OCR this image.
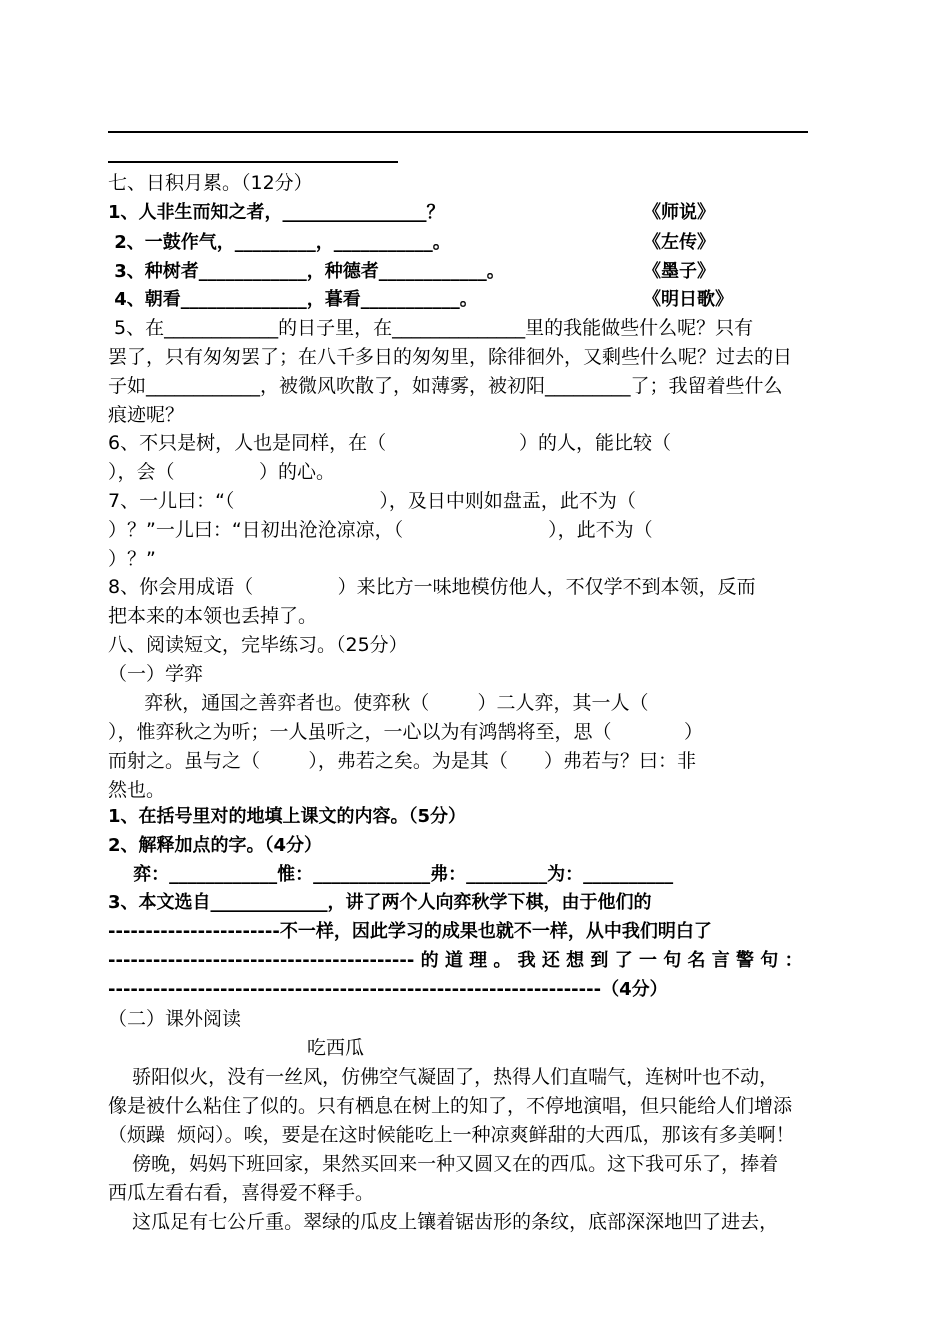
七、日积月累。（12分）
1、人非生而知之者，________________？	《师说》
2、一鼓作气，_________，___________。	《左传》
3、种树者____________，种德者____________。	《墨子》
4、朝看______________，暮看___________。	《明日歌》
5、在____________的日子里，在______________里的我能做些什么呢？只有
罢了，只有匆匆罢了；在八千多日的匆匆里，除徘徊外，又剩些什么呢？过去的日
子如____________，被微风吹散了，如薄雾，被初阳_________了；我留着些什么
痕迹呢？
6、不只是树，人也是同样，在（                      ）的人，能比较（
），会（              ）的心。
7、一儿曰：“（                        ），及日中则如盘盂，此不为（
）？”一儿曰：“日初出沧沧凉凉，（                        ），此不为（
）？”
8、你会用成语（              ）来比方一味地模仿他人，不仅学不到本领，反而
把本来的本领也丢掉了。
八、阅读短文，完毕练习。（25分）
（一）学弈
弈秋，通国之善弈者也。使弈秋（        ）二人弈，其一人（
），惟弈秋之为听；一人虽听之，一心以为有鸿鹄将至，思（            ）
而射之。虽与之（        ），弗若之矣。为是其（      ）弗若与？曰：非
然也。
1、在括号里对的地填上课文的内容。（5分）
2、解释加点的字。（4分）
弈：____________惟：_____________弗：_________为：__________
3、本文选自_____________，讲了两个人向弈秋学下棋，由于他们的
-----------------------不一样，因此学习的成果也就不一样，从中我们明白了
----------------------------------------- 的 道 理 。 我 还 想 到 了 一 句 名 言 警 句 ：
------------------------------------------------------------------（4分）
（二）课外阅读
吃西瓜
骄阳似火，没有一丝风，仿佛空气凝固了，热得人们直喘气，连树叶也不动，
像是被什么粘住了似的。只有栖息在树上的知了，不停地演唱，但只能给人们增添
（烦躁  烦闷）。唉，要是在这时候能吃上一种凉爽鲜甜的大西瓜，那该有多美啊！
傍晚，妈妈下班回家，果然买回来一种又圆又在的西瓜。这下我可乐了，捧着
西瓜左看右看，喜得爱不释手。
这瓜足有七公斤重。翠绿的瓜皮上镶着锯齿形的条纹，底部深深地凹了进去，
